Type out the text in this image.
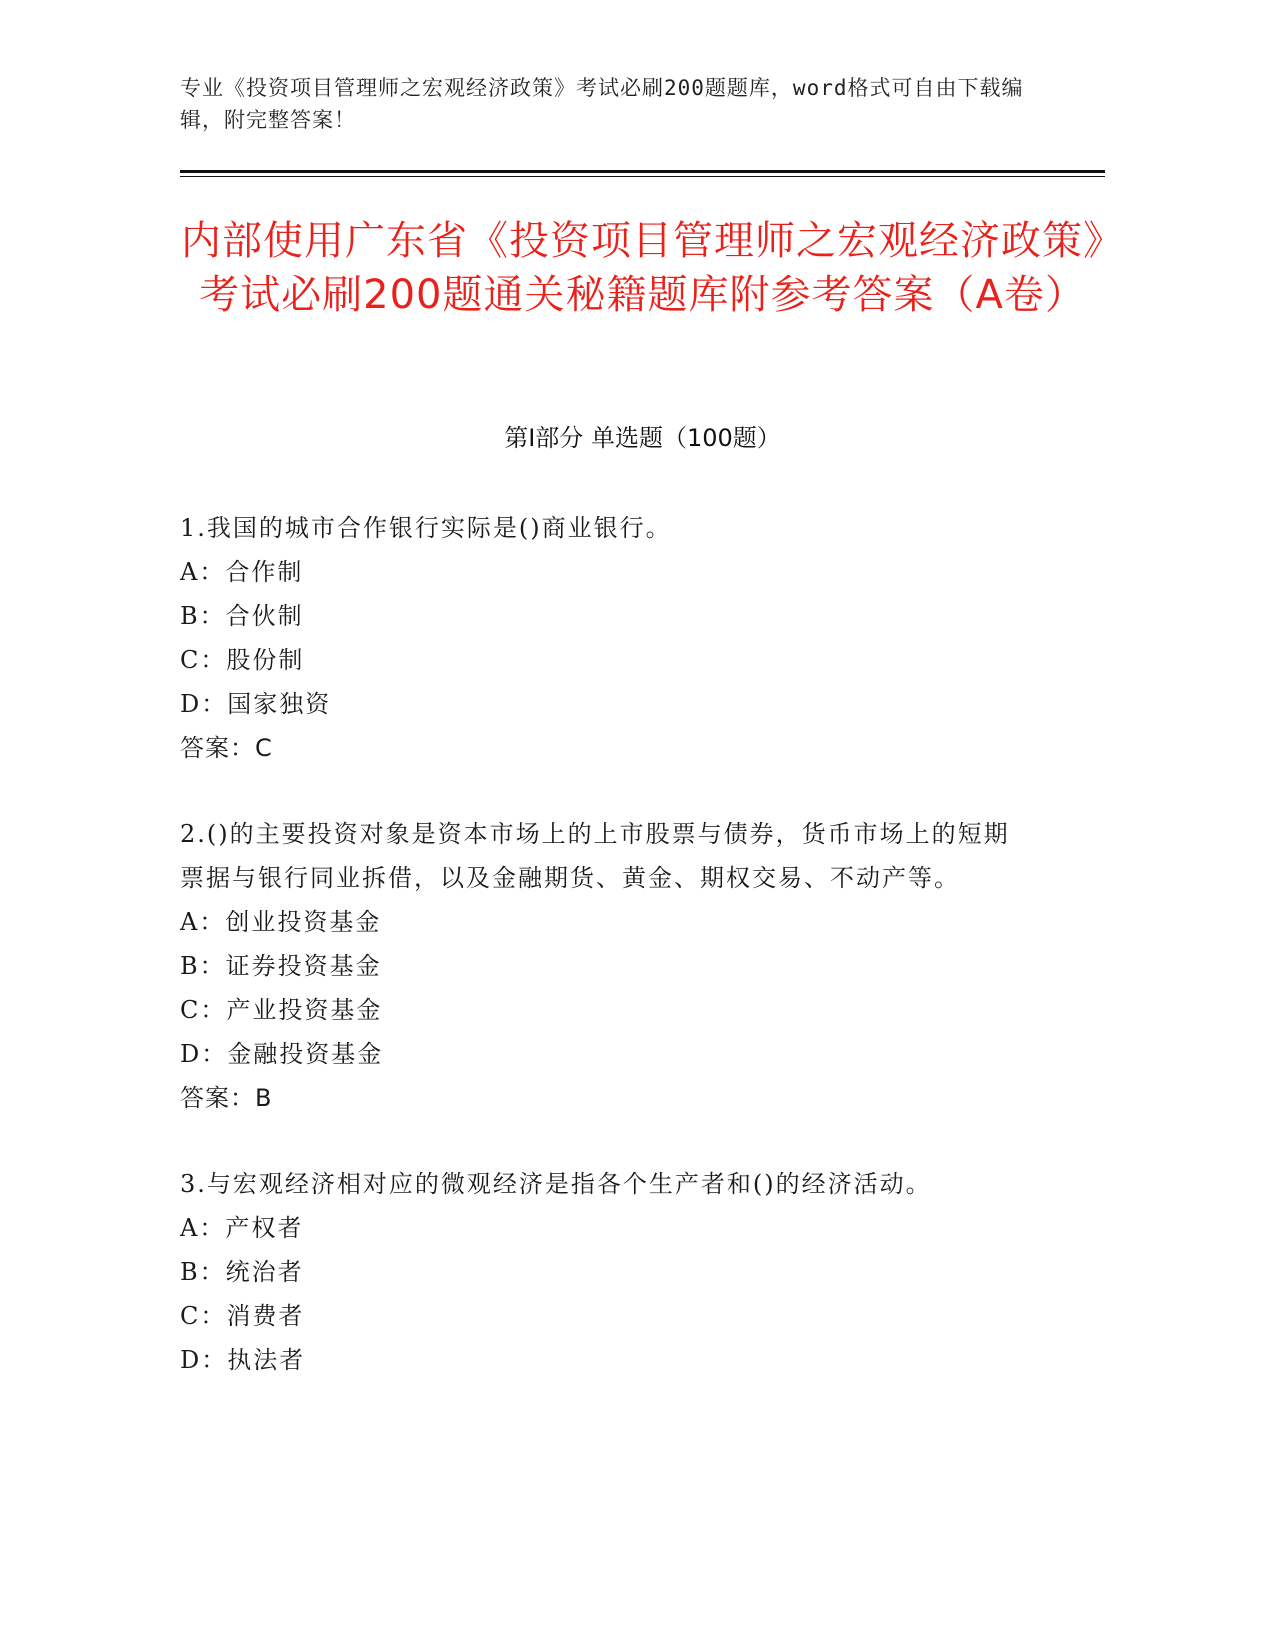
专业《投资项目管理师之宏观经济政策》考试必刷200题题库，word格式可自由下载编辑，附完整答案！
内部使用广东省《投资项目管理师之宏观经济政策》考试必刷200题通关秘籍题库附参考答案（A卷）
第Ⅰ部分 单选题（100题）

1.我国的城市合作银行实际是()商业银行。

A：合作制

B：合伙制

C：股份制

D：国家独资

答案：C

2.()的主要投资对象是资本市场上的上市股票与债券，货币市场上的短期票据与银行同业拆借，以及金融期货、黄金、期权交易、不动产等。

A：创业投资基金

B：证券投资基金

C：产业投资基金

D：金融投资基金

答案：B

3.与宏观经济相对应的微观经济是指各个生产者和()的经济活动。

A：产权者

B：统治者

C：消费者

D：执法者
